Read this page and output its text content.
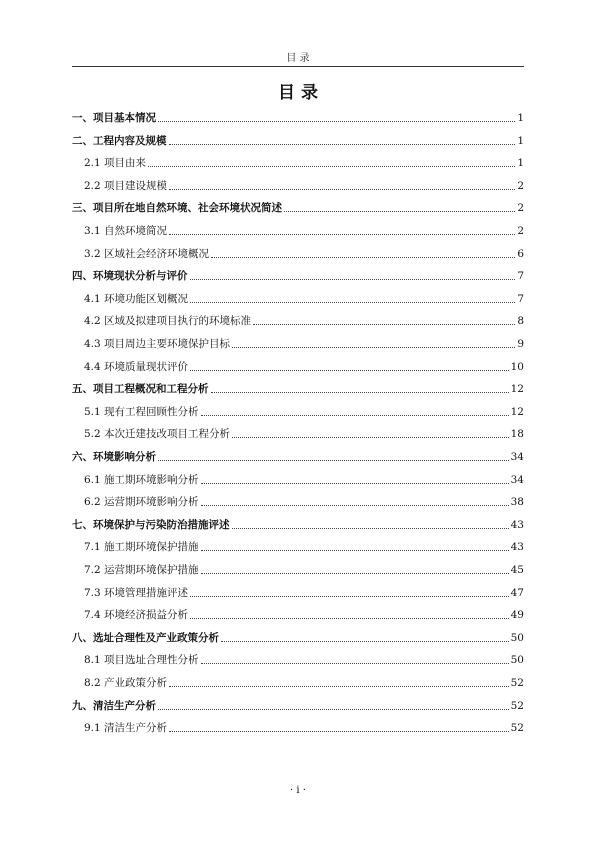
目 录
目 录
一、项目基本情况	1
二、工程内容及规模	1
2.1 项目由来	1
2.2 项目建设规模	2
三、项目所在地自然环境、社会环境状况简述	2
3.1 自然环境简况	2
3.2 区域社会经济环境概况	6
四、环境现状分析与评价	7
4.1 环境功能区划概况	7
4.2 区域及拟建项目执行的环境标准	8
4.3 项目周边主要环境保护目标	9
4.4 环境质量现状评价	10
五、项目工程概况和工程分析	12
5.1 现有工程回顾性分析	12
5.2 本次迁建技改项目工程分析	18
六、环境影响分析	34
6.1 施工期环境影响分析	34
6.2 运营期环境影响分析	38
七、环境保护与污染防治措施评述	43
7.1 施工期环境保护措施	43
7.2 运营期环境保护措施	45
7.3 环境管理措施评述	47
7.4 环境经济损益分析	49
八、选址合理性及产业政策分析	50
8.1 项目选址合理性分析	50
8.2 产业政策分析	52
九、清洁生产分析	52
9.1 清洁生产分析	52
· i ·
